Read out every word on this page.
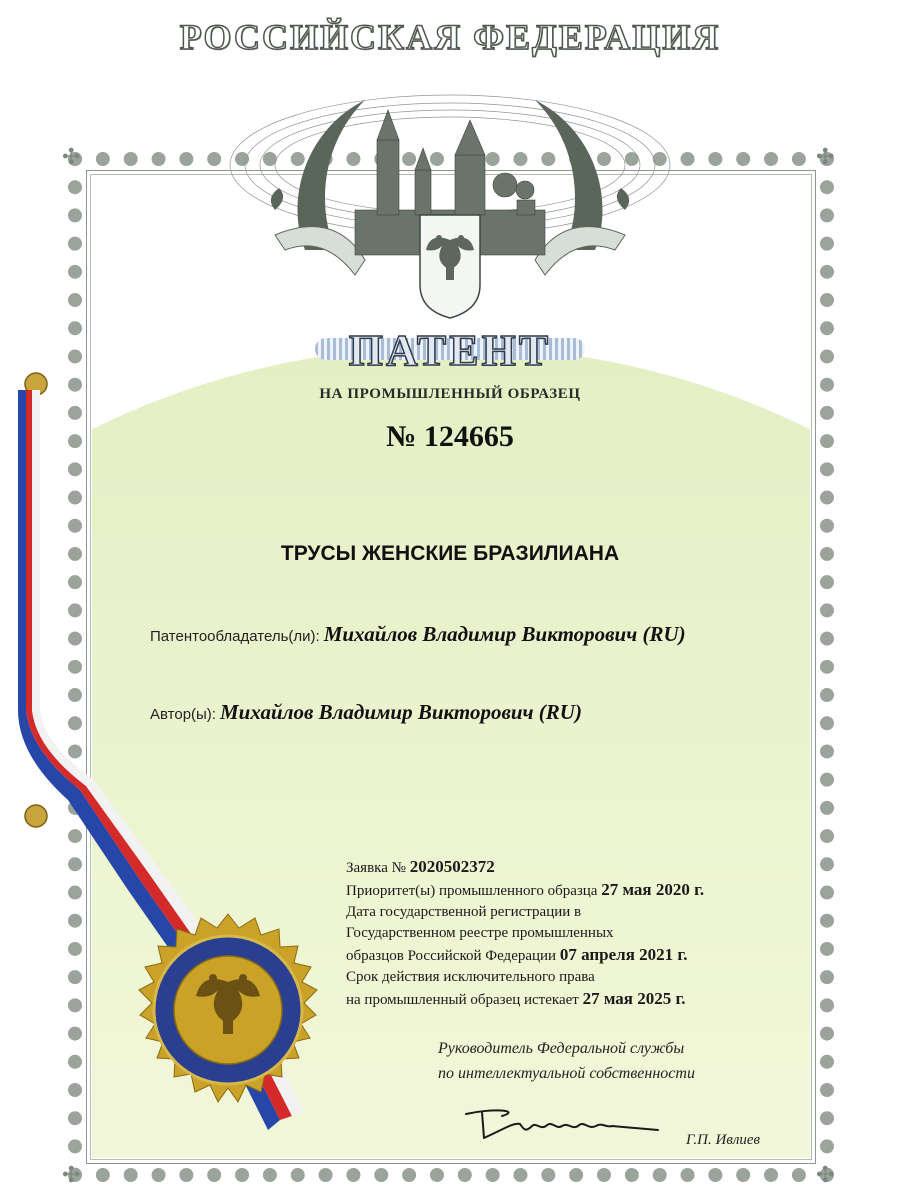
✣	✣
✣	✣
РОССИЙСКАЯ ФЕДЕРАЦИЯ
ПАТЕНТ
НА ПРОМЫШЛЕННЫЙ ОБРАЗЕЦ
№ 124665
ТРУСЫ ЖЕНСКИЕ БРАЗИЛИАНА
Патентообладатель(ли): Михайлов Владимир Викторович (RU)
Автор(ы): Михайлов Владимир Викторович (RU)
Заявка № 2020502372
Приоритет(ы) промышленного образца 27 мая 2020 г.
Дата государственной регистрации в
Государственном реестре промышленных
образцов Российской Федерации 07 апреля 2021 г.
Срок действия исключительного права
на промышленный образец истекает 27 мая 2025 г.
Руководитель Федеральной службы
по интеллектуальной собственности
Г.П. Ивлиев
